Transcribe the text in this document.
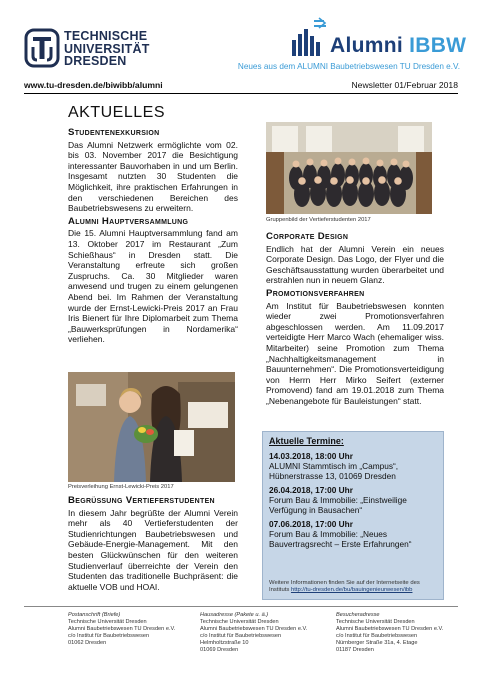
TECHNISCHE
UNIVERSITÄT
DRESDEN
Alumni IBBW
Neues aus dem ALUMNI Baubetriebswesen TU Dresden e.V.
www.tu-dresden.de/biwibb/alumni	Newsletter 01/Februar 2018
AKTUELLES
Studentenexkursion

Das Alumni Netzwerk ermöglichte vom 02. bis 03. November 2017 die Besichtigung interessanter Bauvorhaben in und um Berlin. Insgesamt nutzten 30 Studenten die Möglichkeit, ihre praktischen Erfahrungen in den verschiedenen Bereichen des Baubetriebswesens zu erweitern.

Alumni Hauptversammlung

Die 15. Alumni Hauptversammlung fand am 13. Oktober 2017 im Restaurant „Zum Schießhaus“ in Dresden statt. Die Veranstaltung erfreute sich großen Zuspruchs. Ca. 30 Mitglieder waren anwesend und trugen zu einem gelungenen Abend bei. Im Rahmen der Veranstaltung wurde der Ernst-Lewicki-Preis 2017 an Frau Iris Bienert für Ihre Diplomarbeit zum Thema „Bauwerksprüfungen in Nordamerika“ verliehen.

Preisverleihung Ernst-Lewicki-Preis 2017
Begrüßung Vertieferstudenten

In diesem Jahr begrüßte der Alumni Verein mehr als 40 Vertieferstudenten der Studienrichtungen Baubetriebswesen und Gebäude-Energie-Management. Mit den besten Glückwünschen für den weiteren Studienverlauf überreichte der Verein den Studenten das traditionelle Buchpräsent: die aktuelle VOB und HOAI.

Gruppenbild der Vertieferstudenten 2017
Corporate Design

Endlich hat der Alumni Verein ein neues Corporate Design. Das Logo, der Flyer und die Geschäftsausstattung wurden überarbeitet und erstrahlen nun in neuem Glanz.

Promotionsverfahren

Am Institut für Baubetriebswesen konnten wieder zwei Promotionsverfahren abgeschlossen werden. Am 11.09.2017 verteidigte Herr Marco Wach (ehemaliger wiss. Mitarbeiter) seine Promotion zum Thema „Nachhaltigkeitsmanagement in Bauunternehmen“. Die Promotionsverteidigung von Herrn Herr Mirko Seifert (externer Promovend) fand am 19.01.2018 zum Thema „Nebenangebote für Bauleistungen“ statt.

Aktuelle Termine:
14.03.2018, 18:00 Uhr
ALUMNI Stammtisch im „Campus“, Hübnerstrasse 13, 01069 Dresden
26.04.2018, 17:00 Uhr
Forum Bau & Immobilie: „Einstweilige Verfügung in Bausachen“
07.06.2018, 17:00 Uhr
Forum Bau & Immobilie: „Neues Bauvertragsrecht – Erste Erfahrungen“
Weitere Informationen finden Sie auf der Internetseite des Instituts http://tu-dresden.de/bu/bauingenieurwesen/ibb
Postanschrift (Briefe)
Technische Universität Dresden
Alumni Baubetriebswesen TU Dresden e.V.
c/o Institut für Baubetriebswesen
01062 Dresden
Hausadresse (Pakete u. ä.)
Technische Universität Dresden
Alumni Baubetriebswesen TU Dresden e.V.
c/o Institut für Baubetriebswesen
Helmholtzstraße 10
01069 Dresden
Besucheradresse
Technische Universität Dresden
Alumni Baubetriebswesen TU Dresden e.V.
c/o Institut für Baubetriebswesen
Nürnberger Straße 31a, 4. Etage
01187 Dresden
